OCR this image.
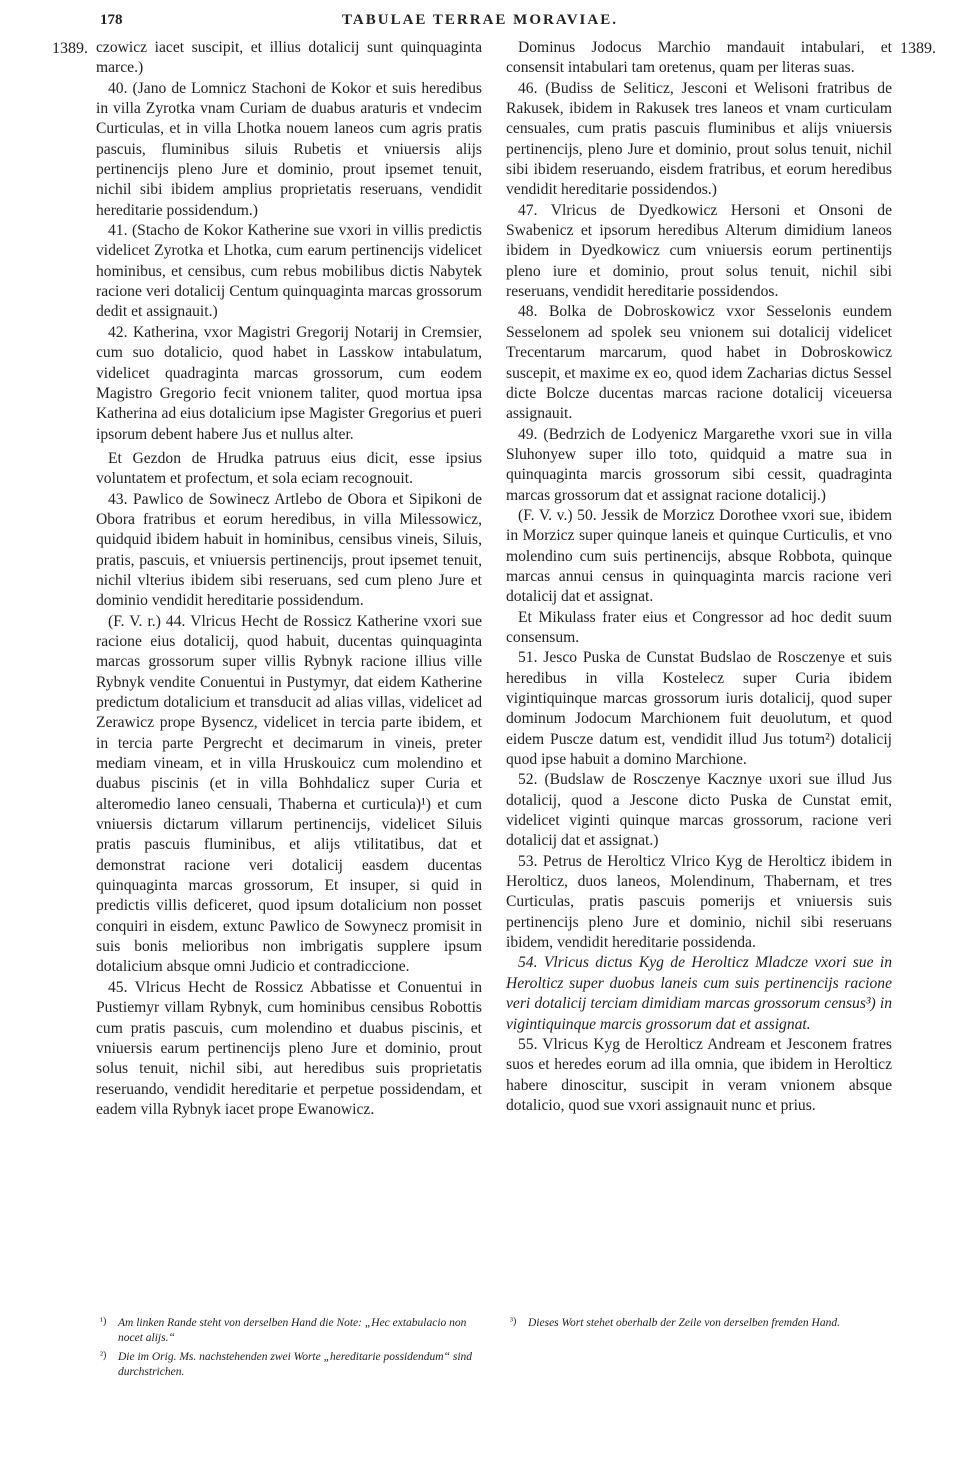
178	TABULAE TERRAE MORAVIAE.
1389.	1389.

czowicz iacet suscipit, et illius dotalicij sunt quinquaginta marce.)

40. (Jano de Lomnicz Stachoni de Kokor et suis heredibus in villa Zyrotka vnam Curiam de duabus araturis et vndecim Curticulas, et in villa Lhotka nouem laneos cum agris pratis pascuis, fluminibus siluis Rubetis et vniuersis alijs pertinencijs pleno Jure et dominio, prout ipsemet tenuit, nichil sibi ibidem amplius proprietatis reseruans, vendidit hereditarie possidendum.)

41. (Stacho de Kokor Katherine sue vxori in villis predictis videlicet Zyrotka et Lhotka, cum earum pertinencijs videlicet hominibus, et censibus, cum rebus mobilibus dictis Nabytek racione veri dotalicij Centum quinquaginta marcas grossorum dedit et assignauit.)

42. Katherina, vxor Magistri Gregorij Notarij in Cremsier, cum suo dotalicio, quod habet in Lasskow intabulatum, videlicet quadraginta marcas grossorum, cum eodem Magistro Gregorio fecit vnionem taliter, quod mortua ipsa Katherina ad eius dotalicium ipse Magister Gregorius et pueri ipsorum debent habere Jus et nullus alter.

Et Gezdon de Hrudka patruus eius dicit, esse ipsius voluntatem et profectum, et sola eciam recognouit.

43. Pawlico de Sowinecz Artlebo de Obora et Sipikoni de Obora fratribus et eorum heredibus, in villa Milessowicz, quidquid ibidem habuit in hominibus, censibus vineis, Siluis, pratis, pascuis, et vniuersis pertinencijs, prout ipsemet tenuit, nichil vlterius ibidem sibi reseruans, sed cum pleno Jure et dominio vendidit hereditarie possidendum.

(F. V. r.) 44. Vlricus Hecht de Rossicz Katherine vxori sue racione eius dotalicij, quod habuit, ducentas quinquaginta marcas grossorum super villis Rybnyk racione illius ville Rybnyk vendite Conuentui in Pustymyr, dat eidem Katherine predictum dotalicium et transducit ad alias villas, videlicet ad Zerawicz prope Bysencz, videlicet in tercia parte ibidem, et in tercia parte Pergrecht et decimarum in vineis, preter mediam vineam, et in villa Hruskouicz cum molendino et duabus piscinis (et in villa Bohhdalicz super Curia et alteromedio laneo censuali, Thaberna et curticula)¹) et cum vniuersis dictarum villarum pertinencijs, videlicet Siluis pratis pascuis fluminibus, et alijs vtilitatibus, dat et demonstrat racione veri dotalicij easdem ducentas quinquaginta marcas grossorum, Et insuper, si quid in predictis villis deficeret, quod ipsum dotalicium non posset conquiri in eisdem, extunc Pawlico de Sowynecz promisit in suis bonis melioribus non imbrigatis supplere ipsum dotalicium absque omni Judicio et contradiccione.

45. Vlricus Hecht de Rossicz Abbatisse et Conuentui in Pustiemyr villam Rybnyk, cum hominibus censibus Robottis cum pratis pascuis, cum molendino et duabus piscinis, et vniuersis earum pertinencijs pleno Jure et dominio, prout solus tenuit, nichil sibi, aut heredibus suis proprietatis reseruando, vendidit hereditarie et perpetue possidendam, et eadem villa Rybnyk iacet prope Ewanowicz.

Dominus Jodocus Marchio mandauit intabulari, et consensit intabulari tam oretenus, quam per literas suas.

46. (Budiss de Seliticz, Jesconi et Welisoni fratribus de Rakusek, ibidem in Rakusek tres laneos et vnam curticulam censuales, cum pratis pascuis fluminibus et alijs vniuersis pertinencijs, pleno Jure et dominio, prout solus tenuit, nichil sibi ibidem reseruando, eisdem fratribus, et eorum heredibus vendidit hereditarie possidendos.)

47. Vlricus de Dyedkowicz Hersoni et Onsoni de Swabenicz et ipsorum heredibus Alterum dimidium laneos ibidem in Dyedkowicz cum vniuersis eorum pertinentijs pleno iure et dominio, prout solus tenuit, nichil sibi reseruans, vendidit hereditarie possidendos.

48. Bolka de Dobroskowicz vxor Sesselonis eundem Sesselonem ad spolek seu vnionem sui dotalicij videlicet Trecentarum marcarum, quod habet in Dobroskowicz suscepit, et maxime ex eo, quod idem Zacharias dictus Sessel dicte Bolcze ducentas marcas racione dotalicij viceuersa assignauit.

49. (Bedrzich de Lodyenicz Margarethe vxori sue in villa Sluhonyew super illo toto, quidquid a matre sua in quinquaginta marcis grossorum sibi cessit, quadraginta marcas grossorum dat et assignat racione dotalicij.)

(F. V. v.) 50. Jessik de Morzicz Dorothee vxori sue, ibidem in Morzicz super quinque laneis et quinque Curticulis, et vno molendino cum suis pertinencijs, absque Robbota, quinque marcas annui census in quinquaginta marcis racione veri dotalicij dat et assignat.

Et Mikulass frater eius et Congressor ad hoc dedit suum consensum.

51. Jesco Puska de Cunstat Budslao de Rosczenye et suis heredibus in villa Kostelecz super Curia ibidem vigintiquinque marcas grossorum iuris dotalicij, quod super dominum Jodocum Marchionem fuit deuolutum, et quod eidem Puscze datum est, vendidit illud Jus totum²) dotalicij quod ipse habuit a domino Marchione.

52. (Budslaw de Rosczenye Kacznye uxori sue illud Jus dotalicij, quod a Jescone dicto Puska de Cunstat emit, videlicet viginti quinque marcas grossorum, racione veri dotalicij dat et assignat.)

53. Petrus de Herolticz Vlrico Kyg de Herolticz ibidem in Herolticz, duos laneos, Molendinum, Thabernam, et tres Curticulas, pratis pascuis pomerijs et vniuersis suis pertinencijs pleno Jure et dominio, nichil sibi reseruans ibidem, vendidit hereditarie possidenda.

54. Vlricus dictus Kyg de Herolticz Mladcze vxori sue in Herolticz super duobus laneis cum suis pertinencijs racione veri dotalicij terciam dimidiam marcas grossorum census³) in vigintiquinque marcis grossorum dat et assignat.

55. Vlricus Kyg de Herolticz Andream et Jesconem fratres suos et heredes eorum ad illa omnia, que ibidem in Herolticz habere dinoscitur, suscipit in veram vnionem absque dotalicio, quod sue vxori assignauit nunc et prius.

¹) Am linken Rande steht von derselben Hand die Note: „Hec extabulacio non nocet alijs.“
²) Die im Orig. Ms. nachstehenden zwei Worte „hereditarie possidendum“ sind durchstrichen.
³) Dieses Wort stehet oberhalb der Zeile von derselben fremden Hand.
